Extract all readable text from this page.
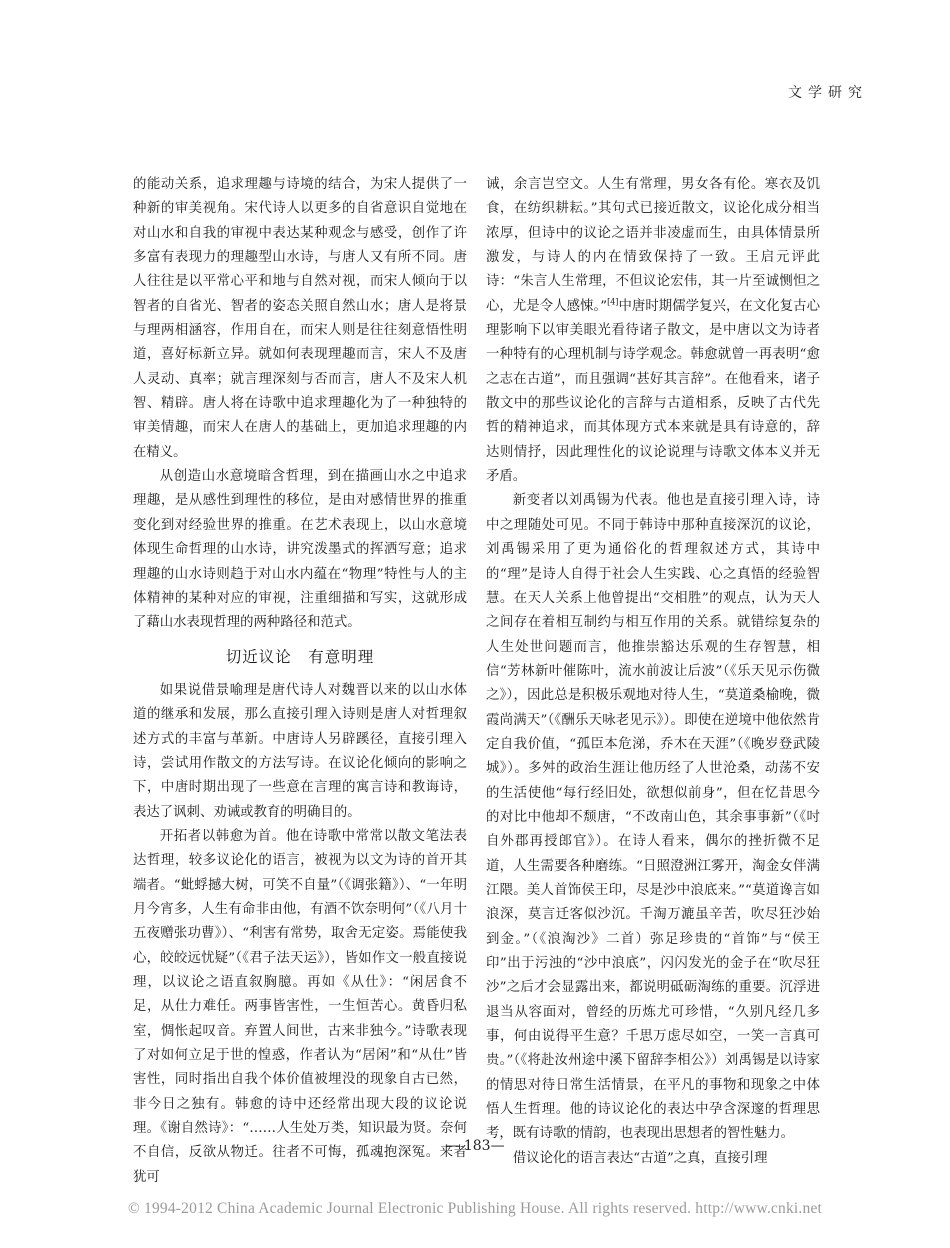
文学研究

的能动关系，追求理趣与诗境的结合，为宋人提供了一种新的审美视角。宋代诗人以更多的自省意识自觉地在对山水和自我的审视中表达某种观念与感受，创作了许多富有表现力的理趣型山水诗，与唐人又有所不同。唐人往往是以平常心平和地与自然对视，而宋人倾向于以智者的自省光、智者的姿态关照自然山水；唐人是将景与理两相涵容，作用自在，而宋人则是往往刻意悟性明道，喜好标新立异。就如何表现理趣而言，宋人不及唐人灵动、真率；就言理深刻与否而言，唐人不及宋人机智、精辟。唐人将在诗歌中追求理趣化为了一种独特的审美情趣，而宋人在唐人的基础上，更加追求理趣的内在精义。

从创造山水意境暗含哲理，到在描画山水之中追求理趣，是从感性到理性的移位，是由对感情世界的推重变化到对经验世界的推重。在艺术表现上，以山水意境体现生命哲理的山水诗，讲究泼墨式的挥洒写意；追求理趣的山水诗则趋于对山水内蕴在“物理”特性与人的主体精神的某种对应的审视，注重细描和写实，这就形成了藉山水表现哲理的两种路径和范式。

切近议论　有意明理

如果说借景喻理是唐代诗人对魏晋以来的以山水体道的继承和发展，那么直接引理入诗则是唐人对哲理叙述方式的丰富与革新。中唐诗人另辟蹊径，直接引理入诗，尝试用作散文的方法写诗。在议论化倾向的影响之下，中唐时期出现了一些意在言理的寓言诗和教诲诗，表达了讽刺、劝诫或教育的明确目的。

开拓者以韩愈为首。他在诗歌中常常以散文笔法表达哲理，较多议论化的语言，被视为以文为诗的首开其端者。“蚍蜉撼大树，可笑不自量”（《调张籍》）、“一年明月今宵多，人生有命非由他，有酒不饮奈明何”（《八月十五夜赠张功曹》）、“利害有常势，取舍无定姿。焉能使我心，皎皎远忧疑”（《君子法天运》），皆如作文一般直接说理，以议论之语直叙胸臆。再如《从仕》：“闲居食不足，从仕力难任。两事皆害性，一生恒苦心。黄昏归私室，惆怅起叹音。弃置人间世，古来非独今。”诗歌表现了对如何立足于世的惶惑，作者认为“居闲”和“从仕”皆害性，同时指出自我个体价值被埋没的现象自古已然，非今日之独有。韩愈的诗中还经常出现大段的议论说理。《谢自然诗》：“……人生处万类，知识最为贤。奈何不自信，反欲从物迁。往者不可悔，孤魂抱深冤。来者犹可

诫，余言岂空文。人生有常理，男女各有伦。寒衣及饥食，在纺织耕耘。”其句式已接近散文，议论化成分相当浓厚，但诗中的议论之语并非凌虚而生，由具体情景所激发，与诗人的内在情致保持了一致。王启元评此诗：“朱言人生常理，不但议论宏伟，其一片至诚恻怛之心，尤是令人感悚。”[4]中唐时期儒学复兴，在文化复古心理影响下以审美眼光看待诸子散文，是中唐以文为诗者一种特有的心理机制与诗学观念。韩愈就曾一再表明“愈之志在古道”，而且强调“甚好其言辞”。在他看来，诸子散文中的那些议论化的言辞与古道相系，反映了古代先哲的精神追求，而其体现方式本来就是具有诗意的，辞达则情抒，因此理性化的议论说理与诗歌文体本义并无矛盾。

新变者以刘禹锡为代表。他也是直接引理入诗，诗中之理随处可见。不同于韩诗中那种直接深沉的议论，刘禹锡采用了更为通俗化的哲理叙述方式，其诗中的“理”是诗人自得于社会人生实践、心之真悟的经验智慧。在天人关系上他曾提出“交相胜”的观点，认为天人之间存在着相互制约与相互作用的关系。就错综复杂的人生处世问题而言，他推崇豁达乐观的生存智慧，相信“芳林新叶催陈叶，流水前波让后波”（《乐天见示伤微之》），因此总是积极乐观地对待人生，“莫道桑榆晚，微霞尚满天”（《酬乐天咏老见示》）。即使在逆境中他依然肯定自我价值，“孤臣本危涕，乔木在天涯”（《晚岁登武陵城》）。多舛的政治生涯让他历经了人世沧桑，动荡不安的生活使他“每行经旧处，欲想似前身”，但在忆昔思今的对比中他却不颓唐，“不改南山色，其余事事新”（《吋自外郡再授郎官》）。在诗人看来，偶尔的挫折微不足道，人生需要各种磨练。“日照澄洲江雾开，淘金女伴满江隈。美人首饰侯王印，尽是沙中浪底来。”“莫道谗言如浪深，莫言迁客似沙沉。千淘万漉虽辛苦，吹尽狂沙始到金。”（《浪淘沙》二首）弥足珍贵的“首饰”与“侯王印”出于污浊的“沙中浪底”，闪闪发光的金子在“吹尽狂沙”之后才会显露出来，都说明砥砺淘练的重要。沉浮进退当从容面对，曾经的历炼尤可珍惜，“久别凡经几多事，何由说得平生意？千思万虑尽如空，一笑一言真可贵。”（《将赴汝州途中溪下留辞李相公》）刘禹锡是以诗家的情思对待日常生活情景，在平凡的事物和现象之中体悟人生哲理。他的诗议论化的表达中孕含深邃的哲理思考，既有诗歌的情韵，也表现出思想者的智性魅力。

借议论化的语言表达“古道”之真，直接引理

— 183—
© 1994-2012 China Academic Journal Electronic Publishing House. All rights reserved. http://www.cnki.net
